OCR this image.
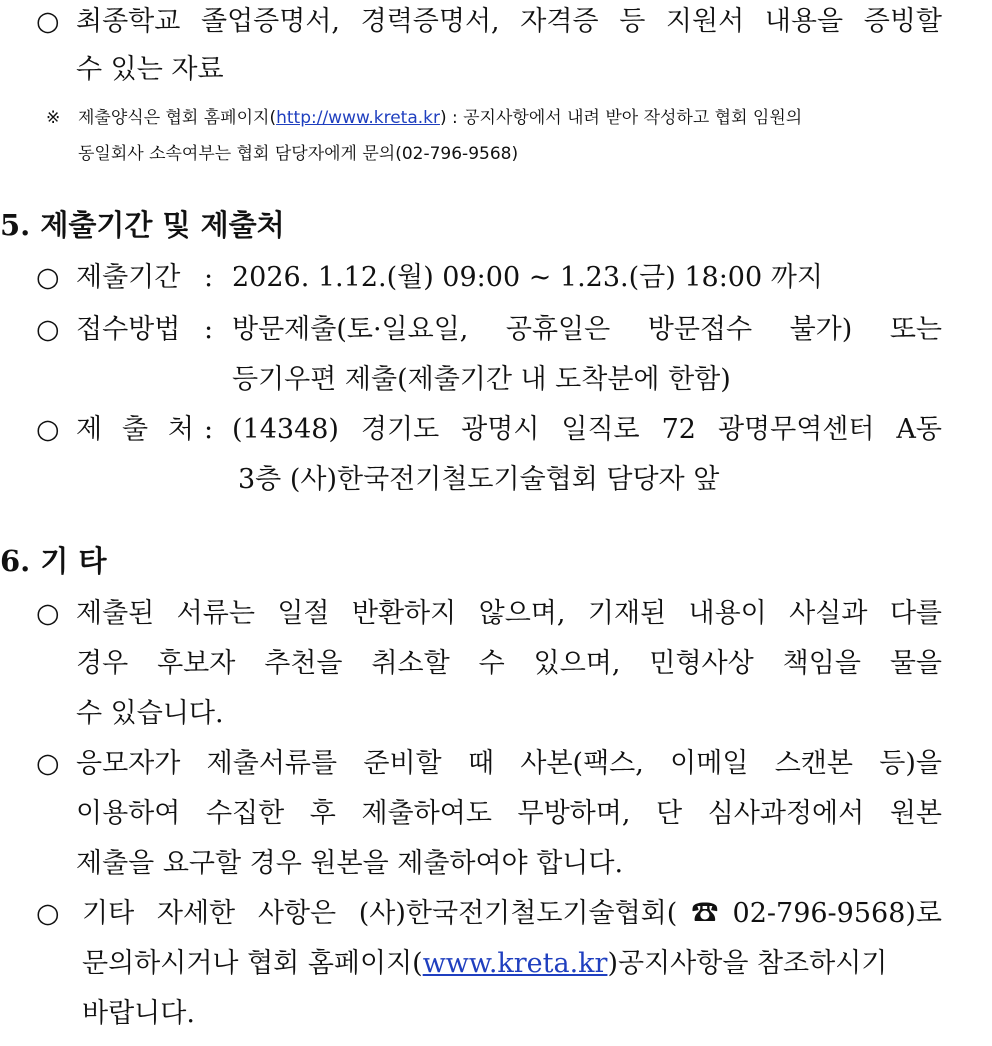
○ 최종학교 졸업증명서, 경력증명서, 자격증 등 지원서 내용을 증빙할
수 있는 자료
※ 제출양식은 협회 홈페이지(http://www.kreta.kr) : 공지사항에서 내려 받아 작성하고 협회 임원의
동일회사 소속여부는 협회 담당자에게 문의(02-796-9568)
5. 제출기간 및 제출처
○ 제출기간 : 2026. 1.12.(월) 09:00 ~ 1.23.(금) 18:00 까지
○ 접수방법 : 방문제출(토·일요일, 공휴일은 방문접수 불가) 또는
등기우편 제출(제출기간 내 도착분에 한함)
○ 제 출 처 : (14348) 경기도 광명시 일직로 72 광명무역센터 A동
3층 (사)한국전기철도기술협회 담당자 앞
6. 기 타
○ 제출된 서류는 일절 반환하지 않으며, 기재된 내용이 사실과 다를
경우 후보자 추천을 취소할 수 있으며, 민형사상 책임을 물을
수 있습니다.
○ 응모자가 제출서류를 준비할 때 사본(팩스, 이메일 스캔본 등)을
이용하여 수집한 후 제출하여도 무방하며, 단 심사과정에서 원본
제출을 요구할 경우 원본을 제출하여야 합니다.
○ 기타 자세한 사항은 (사)한국전기철도기술협회(☎02-796-9568)로
문의하시거나 협회 홈페이지(www.kreta.kr)공지사항을 참조하시기
바랍니다.
